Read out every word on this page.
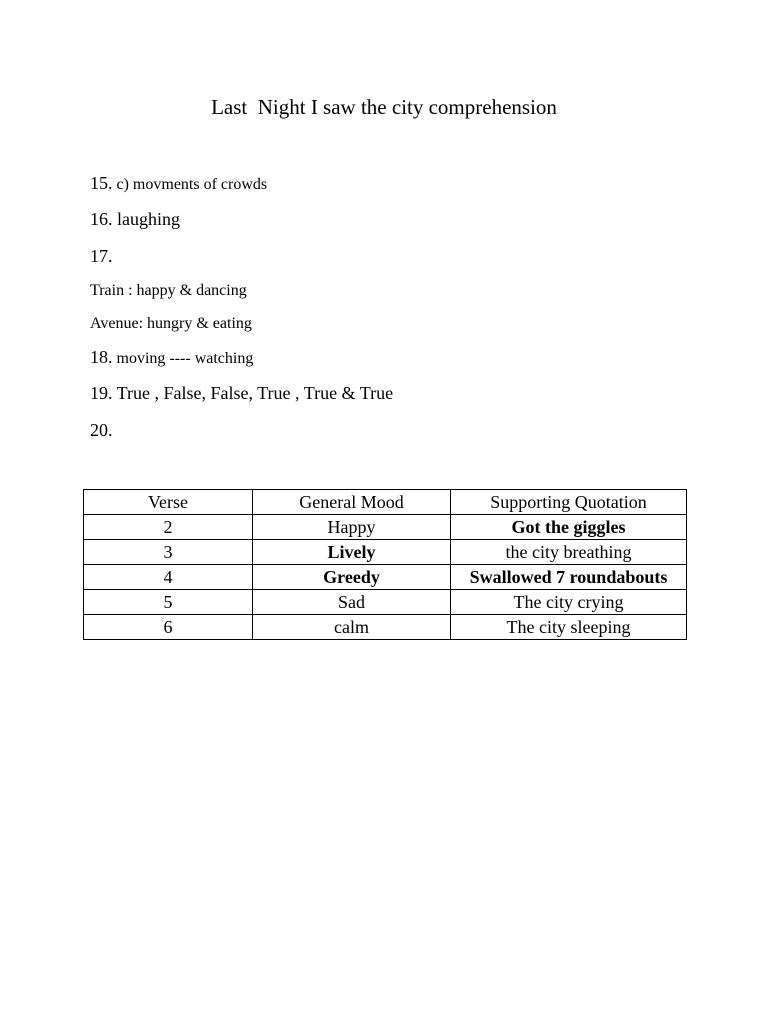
Last  Night I saw the city comprehension
15. c) movments of crowds
16. laughing
17.
Train : happy & dancing
Avenue: hungry & eating
18. moving ---- watching
19. True , False, False, True , True & True
20.
Verse	General Mood	Supporting Quotation
2	Happy	Got the giggles
3	Lively	the city breathing
4	Greedy	Swallowed 7 roundabouts
5	Sad	The city crying
6	calm	The city sleeping
